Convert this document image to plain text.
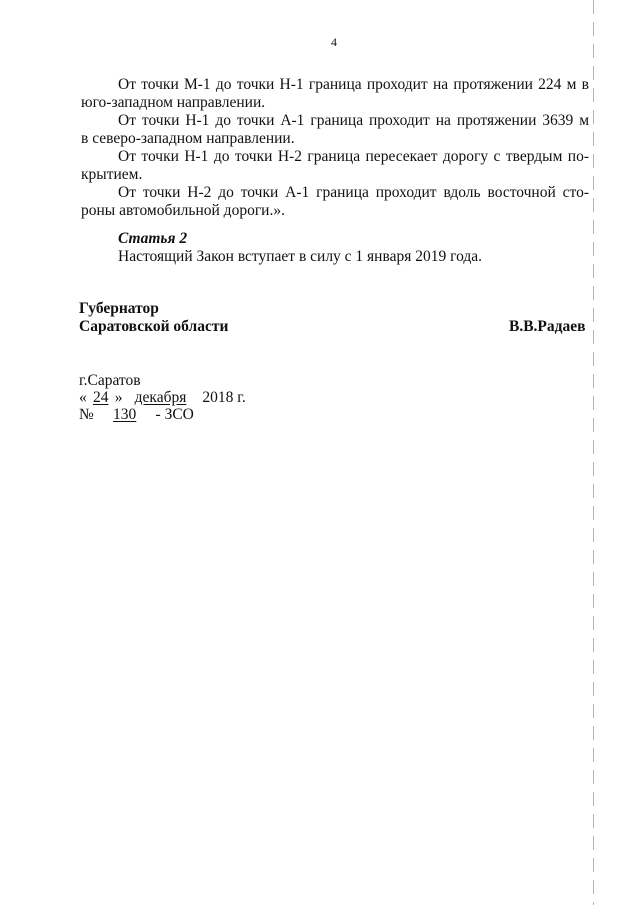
4
От точки М-1 до точки Н-1 граница проходит на протяжении 224 м в
юго-западном направлении.
От точки Н-1 до точки А-1 граница проходит на протяжении 3639 м
в северо-западном направлении.
От точки Н-1 до точки Н-2 граница пересекает дорогу с твердым по-
крытием.
От точки Н-2 до точки А-1 граница проходит вдоль восточной сто-
роны автомобильной дороги.».
Статья 2
Настоящий Закон вступает в силу с 1 января 2019 года.
Губернатор
Саратовской области	В.В.Радаев
г.Саратов
« 24 » декабря 2018 г.
№ 130 - ЗСО
